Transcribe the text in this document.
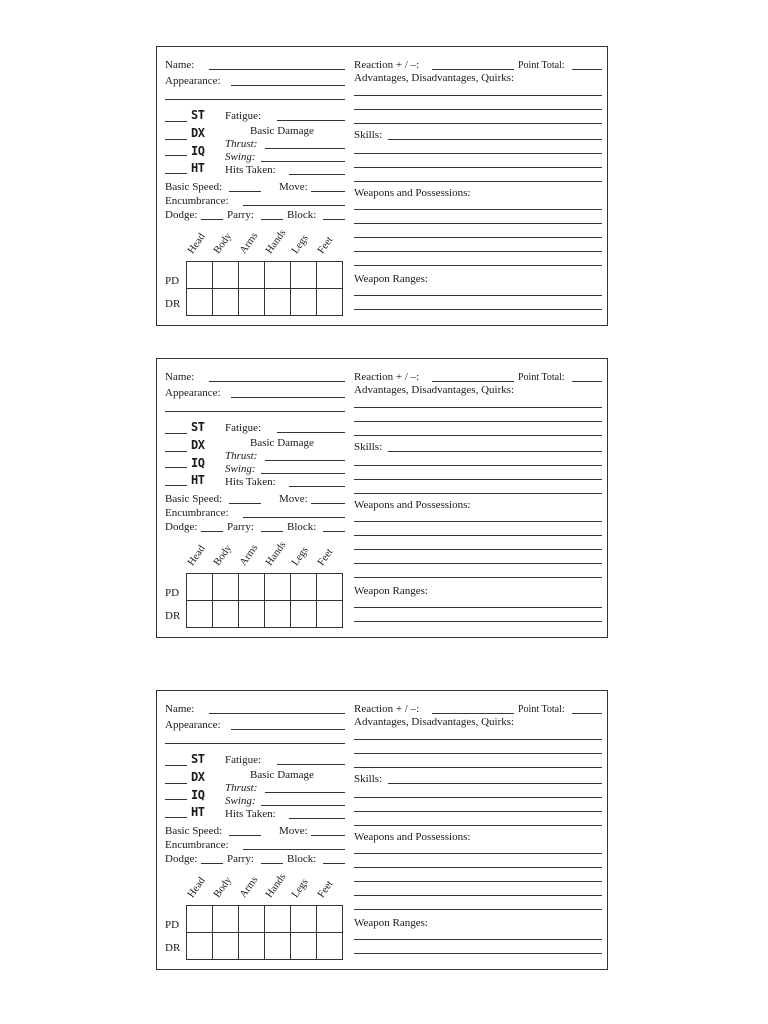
Name:
Appearance:
ST Fatigue:
DX	Basic Damage
Thrust:
IQ Swing:
HT Hits Taken:
Basic Speed:	Move:
Encumbrance:
Dodge:	Parry:	Block:
Head Body Arms Hands Legs Feet
PD
DR

Reaction + / –:	Point Total:
Advantages, Disadvantages, Quirks:
Skills:
Weapons and Possessions:
Weapon Ranges:
Name:
Appearance:
ST Fatigue:
DX	Basic Damage
Thrust:
IQ Swing:
HT Hits Taken:
Basic Speed:	Move:
Encumbrance:
Dodge:	Parry:	Block:
Head Body Arms Hands Legs Feet
PD
DR

Reaction + / –:	Point Total:
Advantages, Disadvantages, Quirks:
Skills:
Weapons and Possessions:
Weapon Ranges:
Name:
Appearance:
ST Fatigue:
DX	Basic Damage
Thrust:
IQ Swing:
HT Hits Taken:
Basic Speed:	Move:
Encumbrance:
Dodge:	Parry:	Block:
Head Body Arms Hands Legs Feet
PD
DR

Reaction + / –:	Point Total:
Advantages, Disadvantages, Quirks:
Skills:
Weapons and Possessions:
Weapon Ranges:
